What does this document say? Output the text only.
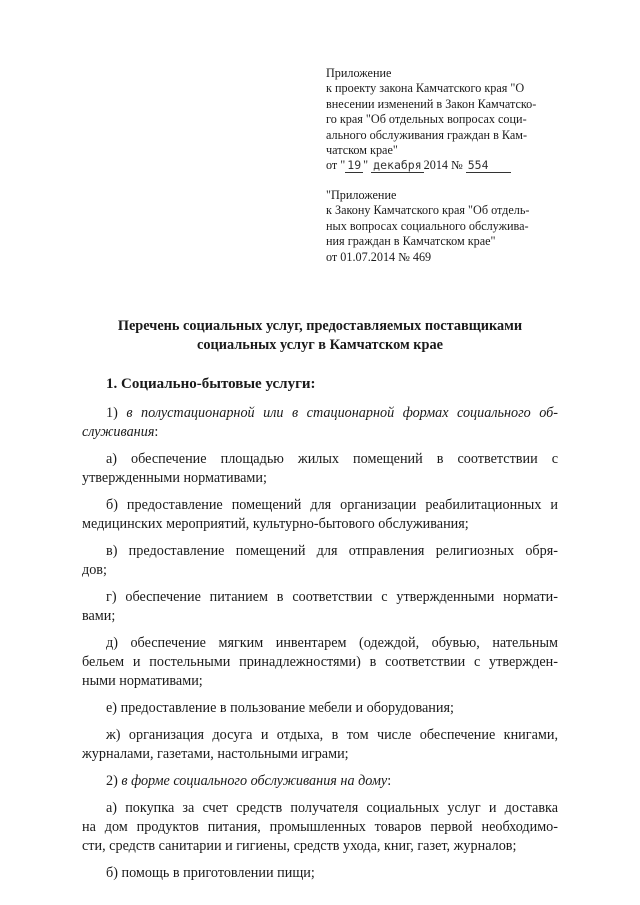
Приложение
к проекту закона Камчатского края "О
внесении изменений в Закон Камчатско-
го края "Об отдельных вопросах соци-
ального обслуживания граждан в Кам-
чатском крае"
от " 19 " декабря 2014 № 554
"Приложение
к Закону Камчатского края "Об отдель-
ных вопросах социального обслужива-
ния граждан в Камчатском крае"
от 01.07.2014 № 469
Перечень социальных услуг, предоставляемых поставщиками
социальных услуг в Камчатском крае
1. Социально-бытовые услуги:
1) в полустационарной или в стационарной формах социального об-
служивания:
а) обеспечение площадью жилых помещений в соответствии с
утвержденными нормативами;
б) предоставление помещений для организации реабилитационных и
медицинских мероприятий, культурно-бытового обслуживания;
в) предоставление помещений для отправления религиозных обря-
дов;
г) обеспечение питанием в соответствии с утвержденными нормати-
вами;
д) обеспечение мягким инвентарем (одеждой, обувью, нательным
бельем и постельными принадлежностями) в соответствии с утвержден-
ными нормативами;
е) предоставление в пользование мебели и оборудования;
ж) организация досуга и отдыха, в том числе обеспечение книгами,
журналами, газетами, настольными играми;
2) в форме социального обслуживания на дому:
а) покупка за счет средств получателя социальных услуг и доставка
на дом продуктов питания, промышленных товаров первой необходимо-
сти, средств санитарии и гигиены, средств ухода, книг, газет, журналов;
б) помощь в приготовлении пищи;
